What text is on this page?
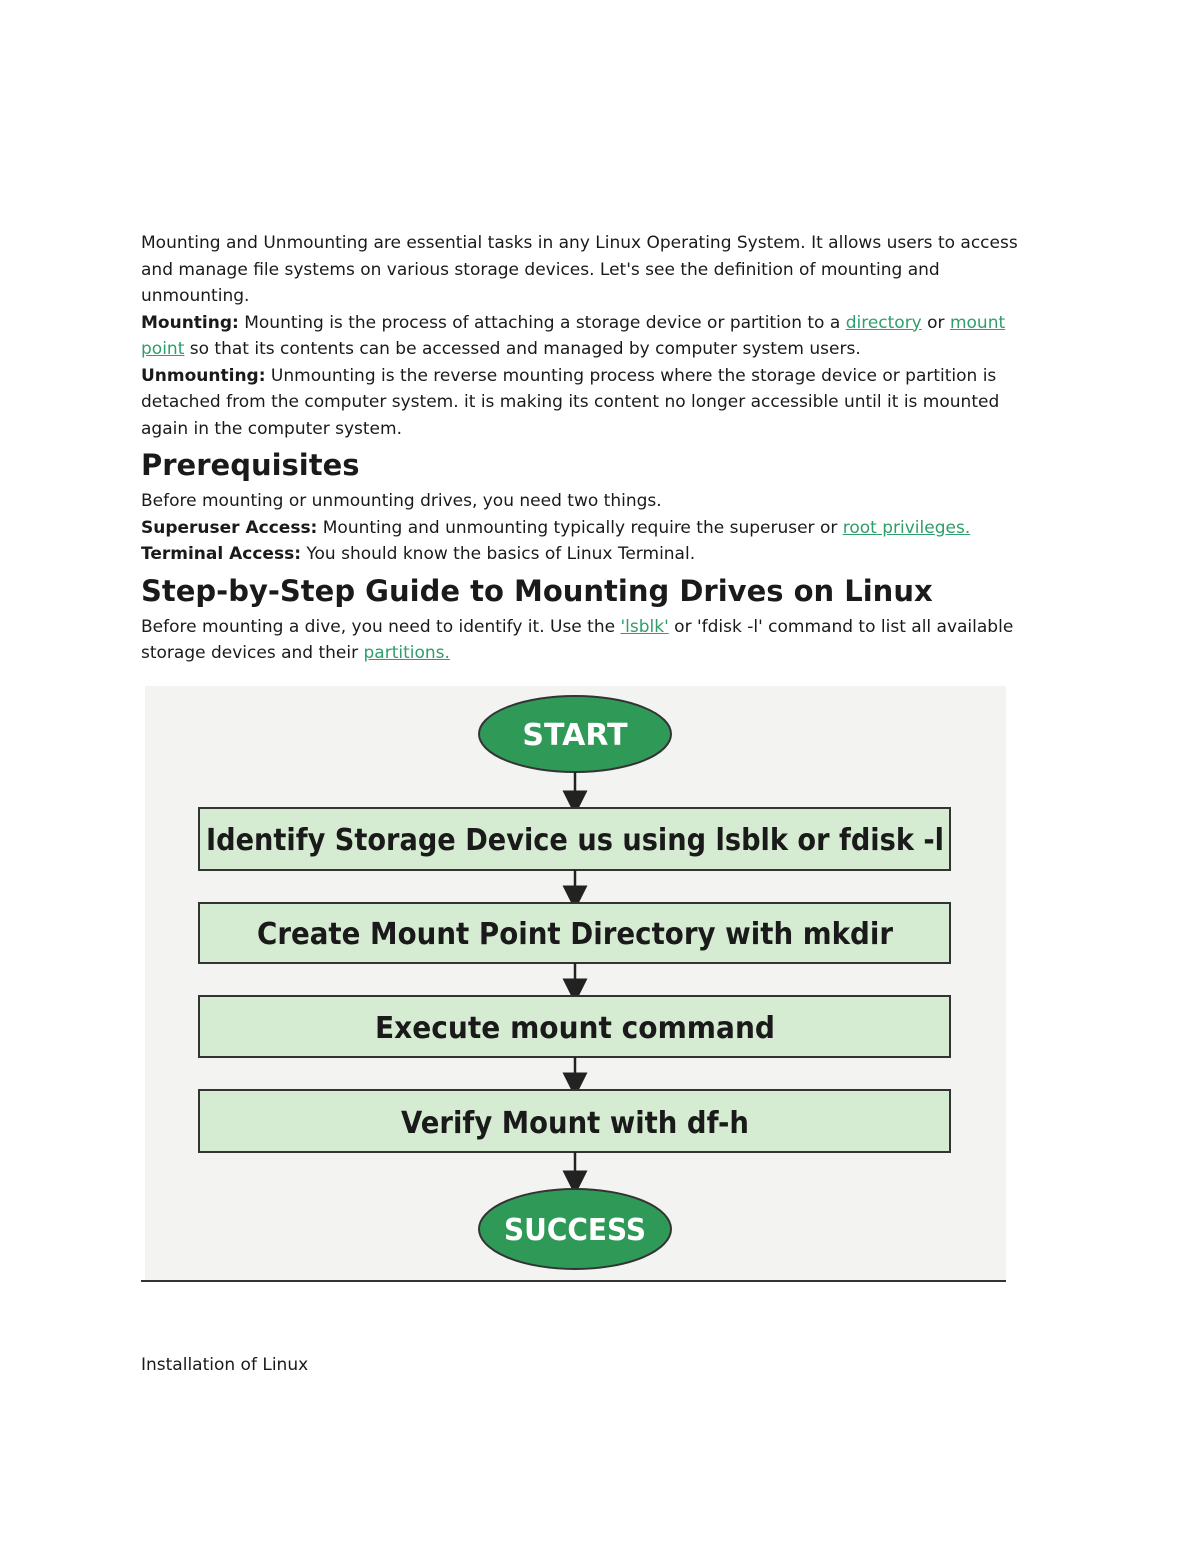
Mounting and Unmounting are essential tasks in any Linux Operating System. It allows users to access and manage file systems on various storage devices. Let's see the definition of mounting and unmounting.

Mounting: Mounting is the process of attaching a storage device or partition to a directory or mount point so that its contents can be accessed and managed by computer system users.

Unmounting: Unmounting is the reverse mounting process where the storage device or partition is detached from the computer system. it is making its content no longer accessible until it is mounted again in the computer system.

Prerequisites

Before mounting or unmounting drives, you need two things.

Superuser Access: Mounting and unmounting typically require the superuser or root privileges.

Terminal Access: You should know the basics of Linux Terminal.

Step-by-Step Guide to Mounting Drives on Linux

Before mounting a dive, you need to identify it. Use the 'lsblk' or 'fdisk -l' command to list all available storage devices and their partitions.

START
Identify Storage Device us using lsblk or fdisk -l
Create Mount Point Directory with mkdir
Execute mount command
Verify Mount with df-h
SUCCESS

Installation of Linux
